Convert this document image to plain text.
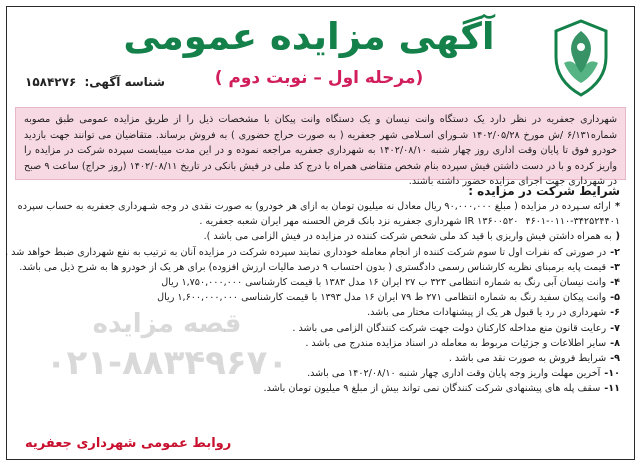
آگهی مزایده عمومی
(مرحله اول – نوبت دوم )
شناسه آگهی: ۱۵۸۴۲۷۶
شهرداری جعفریه در نظر دارد یک دستگاه وانت نیسان و یک دستگاه وانت پیکان با مشخصات ذیل را از طریق مزایده عمومی طبق مصوبه شماره۶/۱۳۱ /ش مورخ ۱۴۰۲/۰۵/۲۸ شـورای اسـلامی شهر جعفریه ( به صورت حراج حضوری ) به فروش برساند. متقاضیان می توانند جهت بازدید خودرو فوق تا پایان وقت اداری روز چهار شنبه ۱۴۰۲/۰۸/۱۰ به شهرداری جعفریه مراجعه نموده و در این مدت میبایست سپرده شرکت در مزایده را واریز کرده و با در دست داشتن فیش سپرده بنام شخص متقاضی همراه با درج کد ملی در فیش بانکی در تاریخ ۱۴۰۲/۰۸/۱۱ (روز حراج) ساعت ۹ صبح در شهرداری جهت اجرای مزایده حضور داشته باشند.
شرایط شرکت در مزایده :
*ارائه سـپرده در مزایده ( مبلغ ۹۰,۰۰۰,۰۰۰ ریال معادل نه میلیون تومان به ازای هر خودرو) به صورت نقدی در وجه شـهرداری جعفریه به حساب سپرده
۴۶۰۱-۰۱۱۰-۳۴۲۵۲۴۴۰۱ IR ۱۳۶۰۰۵۲۰ شهرداری جعفریه نزد بانک قرض الحسنه مهر ایران شعبه جعفریه .
(به همراه داشتن فیش واریزی با قید کد ملی شخص شرکت کننده در مزایده در فیش الزامی می باشد ).
۲-در صورتی که نفرات اول تا سوم شرکت کننده از انجام معامله خودداری نمایند سپرده شرکت در مزایده آنان به ترتیب به نفع شهرداری ضبط خواهد شد .
۳-قیمت پایه برمبنای نظریه کارشناس رسمی دادگستری ( بدون احتساب ۹ درصد مالیات ارزش افزوده) برای هر یک از خودرو ها به شرح ذیل می باشد.
۴-وانت نیسان آبی رنگ به شماره انتظامی ۳۲۳ ب ۲۷ ایران ۱۶ مدل ۱۳۸۳ با قیمت کارشناسی ۱,۷۵۰,۰۰۰,۰۰۰ ریال
۵-وانت پیکان سفید رنگ به شماره انتظامی ۲۷۱ ط ۷۹ ایران ۱۶ مدل ۱۳۹۳ با قیمت کارشناسی ۱,۶۰۰,۰۰۰,۰۰۰ ریال
۶-شهرداری در رد یا قبول هر یک از پیشنهادات مختار می باشد.
۷-رعایت قانون منع مداخله کارکنان دولت جهت شرکت کنندگان الزامی می باشد .
۸-سایر اطلاعات و جزئیات مربوط به معامله در اسناد مزایده مندرج می باشد .
۹-شرایط فروش به صورت نقد می باشد .
۱۰-آخرین مهلت واریز وجه پایان وقت اداری چهار شنبه ۱۴۰۲/۰۸/۱۰ می باشد.
۱۱-سقف پله های پیشنهادی شرکت کنندگان نمی تواند بیش از مبلغ ۹ میلیون تومان باشد.
قصه مزایده
۰۲۱-۸۸۳۴۹۶۷۰
روابط عمومی شهرداری جعفریه
